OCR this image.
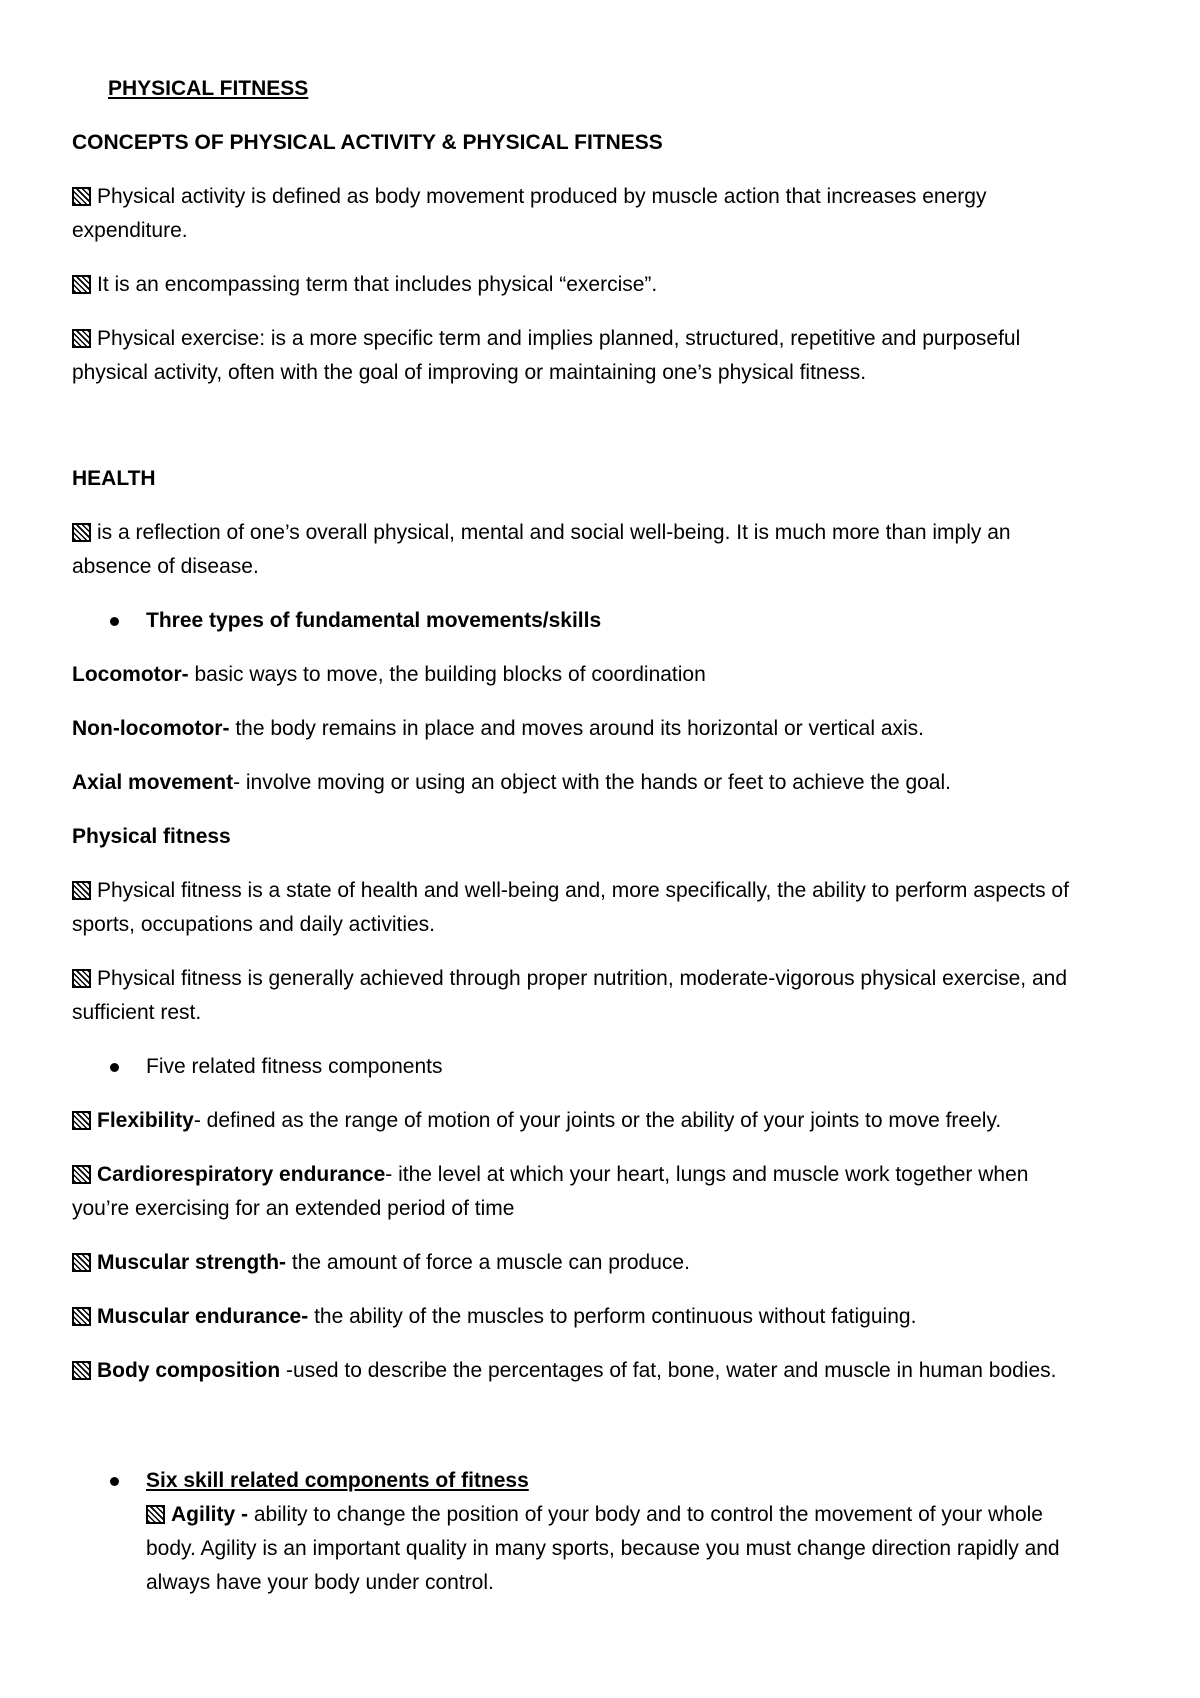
PHYSICAL FITNESS
CONCEPTS OF PHYSICAL ACTIVITY & PHYSICAL FITNESS
Physical activity is defined as body movement produced by muscle action that increases energy
expenditure.
It is an encompassing term that includes physical “exercise”.
Physical exercise: is a more specific term and implies planned, structured, repetitive and purposeful
physical activity, often with the goal of improving or maintaining one’s physical fitness.
HEALTH
is a reflection of one’s overall physical, mental and social well-being. It is much more than imply an
absence of disease.
Three types of fundamental movements/skills
Locomotor- basic ways to move, the building blocks of coordination
Non-locomotor- the body remains in place and moves around its horizontal or vertical axis.
Axial movement- involve moving or using an object with the hands or feet to achieve the goal.
Physical fitness
Physical fitness is a state of health and well-being and, more specifically, the ability to perform aspects of
sports, occupations and daily activities.
Physical fitness is generally achieved through proper nutrition, moderate-vigorous physical exercise, and
sufficient rest.
Five related fitness components
Flexibility- defined as the range of motion of your joints or the ability of your joints to move freely.
Cardiorespiratory endurance- ithe level at which your heart, lungs and muscle work together when
you’re exercising for an extended period of time
Muscular strength- the amount of force a muscle can produce.
Muscular endurance- the ability of the muscles to perform continuous without fatiguing.
Body composition -used to describe the percentages of fat, bone, water and muscle in human bodies.
Six skill related components of fitness
Agility - ability to change the position of your body and to control the movement of your whole
body. Agility is an important quality in many sports, because you must change direction rapidly and
always have your body under control.
